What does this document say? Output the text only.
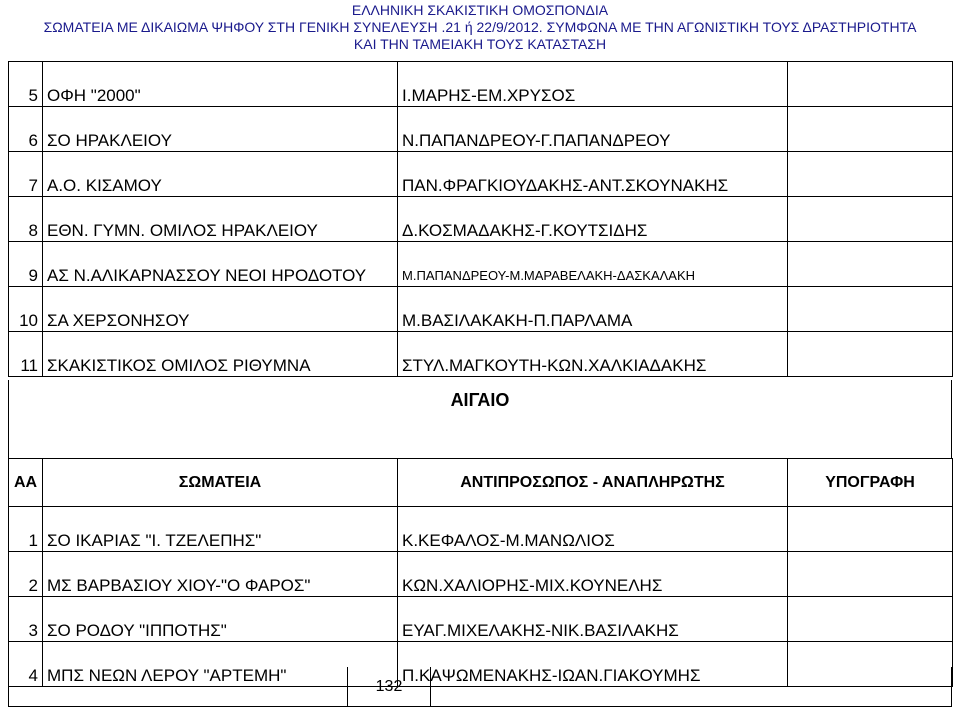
ΕΛΛΗΝΙΚΗ ΣΚΑΚΙΣΤΙΚΗ ΟΜΟΣΠΟΝΔΙΑ
ΣΩΜΑΤΕΙΑ ΜΕ ΔΙΚΑΙΩΜΑ ΨΗΦΟΥ ΣΤΗ ΓΕΝΙΚΗ ΣΥΝΕΛΕΥΣΗ .21 ή 22/9/2012. ΣΥΜΦΩΝΑ ΜΕ ΤΗΝ ΑΓΩΝΙΣΤΙΚΗ ΤΟΥΣ ΔΡΑΣΤΗΡΙΟΤΗΤΑ
ΚΑΙ ΤΗΝ ΤΑΜΕΙΑΚΗ ΤΟΥΣ ΚΑΤΑΣΤΑΣΗ
5	ΟΦΗ "2000"	Ι.ΜΑΡΗΣ-ΕΜ.ΧΡΥΣΟΣ	
6	ΣΟ ΗΡΑΚΛΕΙΟΥ	Ν.ΠΑΠΑΝΔΡΕΟΥ-Γ.ΠΑΠΑΝΔΡΕΟΥ	
7	Α.Ο. ΚΙΣΑΜΟΥ	ΠΑΝ.ΦΡΑΓΚΙΟΥΔΑΚΗΣ-ΑΝΤ.ΣΚΟΥΝΑΚΗΣ	
8	ΕΘΝ. ΓΥΜΝ. ΟΜΙΛΟΣ ΗΡΑΚΛΕΙΟΥ	Δ.ΚΟΣΜΑΔΑΚΗΣ-Γ.ΚΟΥΤΣΙΔΗΣ	
9	ΑΣ Ν.ΑΛΙΚΑΡΝΑΣΣΟΥ ΝΕΟΙ ΗΡΟΔΟΤΟΥ	Μ.ΠΑΠΑΝΔΡΕΟΥ-Μ.ΜΑΡΑΒΕΛΑΚΗ-ΔΑΣΚΑΛΑΚΗ	
10	ΣΑ ΧΕΡΣΟΝΗΣΟΥ	Μ.ΒΑΣΙΛΑΚΑΚΗ-Π.ΠΑΡΛΑΜΑ	
11	ΣΚΑΚΙΣΤΙΚΟΣ ΟΜΙΛΟΣ ΡΙΘΥΜΝΑ	ΣΤΥΛ.ΜΑΓΚΟΥΤΗ-ΚΩΝ.ΧΑΛΚΙΑΔΑΚΗΣ	
ΑΙΓΑΙΟ
ΑΑ	ΣΩΜΑΤΕΙΑ	ΑΝΤΙΠΡΟΣΩΠΟΣ - ΑΝΑΠΛΗΡΩΤΗΣ	ΥΠΟΓΡΑΦΗ
1	ΣΟ ΙΚΑΡΙΑΣ "Ι. ΤΖΕΛΕΠΗΣ"	Κ.ΚΕΦΑΛΟΣ-Μ.ΜΑΝΩΛΙΟΣ	
2	ΜΣ ΒΑΡΒΑΣΙΟΥ ΧΙΟΥ-"Ο ΦΑΡΟΣ"	ΚΩΝ.ΧΑΛΙΟΡΗΣ-ΜΙΧ.ΚΟΥΝΕΛΗΣ	
3	ΣΟ ΡΟΔΟΥ "ΙΠΠΟΤΗΣ"	ΕΥΑΓ.ΜΙΧΕΛΑΚΗΣ-ΝΙΚ.ΒΑΣΙΛΑΚΗΣ	
4	ΜΠΣ ΝΕΩΝ ΛΕΡΟΥ "ΑΡΤΕΜΗ"	Π.ΚΑΨΩΜΕΝΑΚΗΣ-ΙΩΑΝ.ΓΙΑΚΟΥΜΗΣ	
132
